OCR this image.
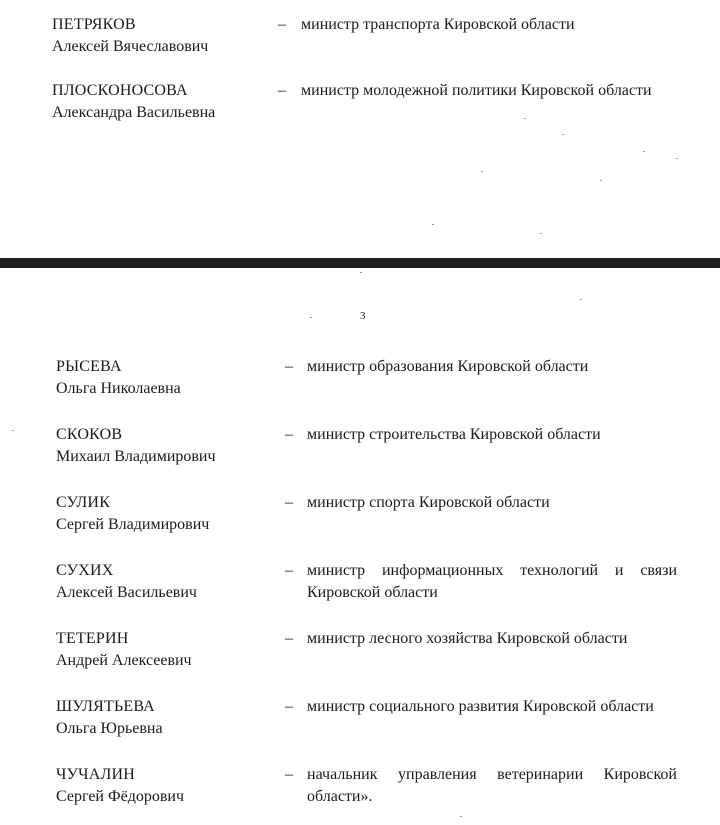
ПЕТРЯКОВ
Алексей Вячеславович
– министр транспорта Кировской области
ПЛОСКОНОСОВА
Александра Васильевна
– министр молодежной политики Кировской области
3
РЫСЕВА
Ольга Николаевна
– министр образования Кировской области
СКОКОВ
Михаил Владимирович
– министр строительства Кировской области
СУЛИК
Сергей Владимирович
– министр спорта Кировской области
СУХИХ
Алексей Васильевич
– министр информационных технологий и связи Кировской области
ТЕТЕРИН
Андрей Алексеевич
– министр лесного хозяйства Кировской области
ШУЛЯТЬЕВА
Ольга Юрьевна
– министр социального развития Кировской области
ЧУЧАЛИН
Сергей Фёдорович
– начальник управления ветеринарии Кировской области».
